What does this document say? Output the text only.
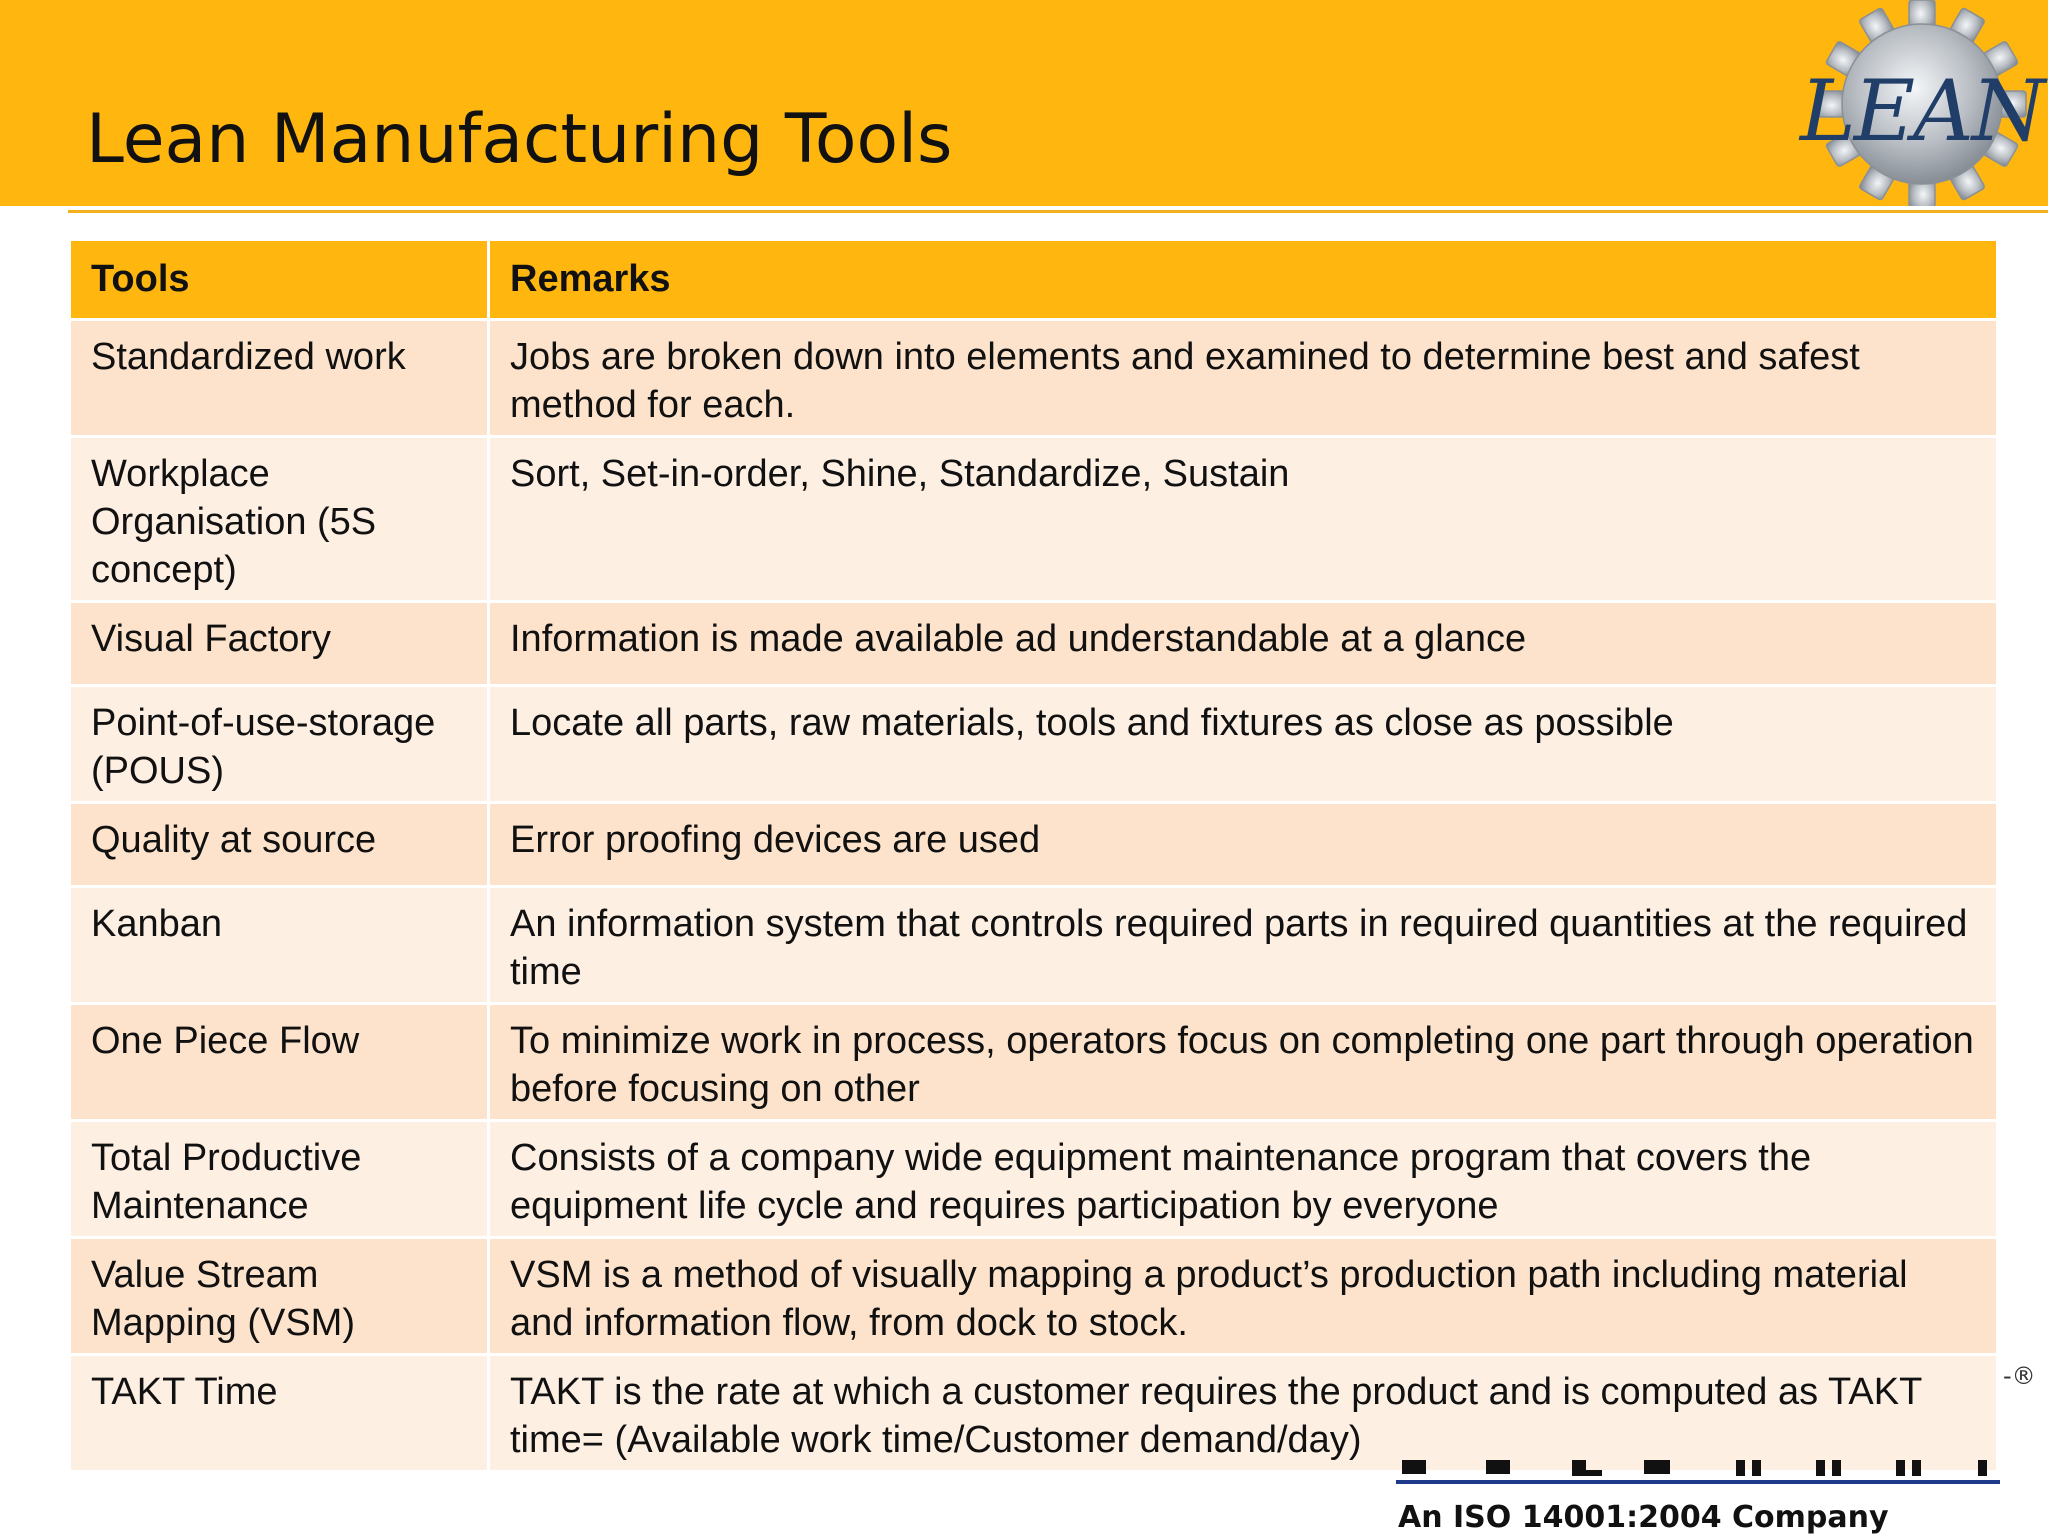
Lean Manufacturing Tools	LEAN
Tools	Remarks
Standardized work	Jobs are broken down into elements and examined to determine best and safest method for each.
Workplace Organisation (5S concept)	Sort, Set-in-order, Shine, Standardize, Sustain
Visual Factory	Information is made available ad understandable at a glance
Point-of-use-storage (POUS)	Locate all parts, raw materials, tools and fixtures as close as possible
Quality at source	Error proofing devices are used
Kanban	An information system that controls required parts in required quantities at the required time
One Piece Flow	To minimize work in process, operators focus on completing one part through operation before focusing on other
Total Productive Maintenance	Consists of a company wide equipment maintenance program that covers the equipment life cycle and requires participation by everyone
Value Stream Mapping (VSM)	VSM is a method of visually mapping a product’s production path including material and information flow, from dock to stock.
TAKT Time	TAKT is the rate at which a customer requires the product and is computed as TAKT time= (Available work time/Customer demand/day)
-®
An ISO 14001:2004 Company
